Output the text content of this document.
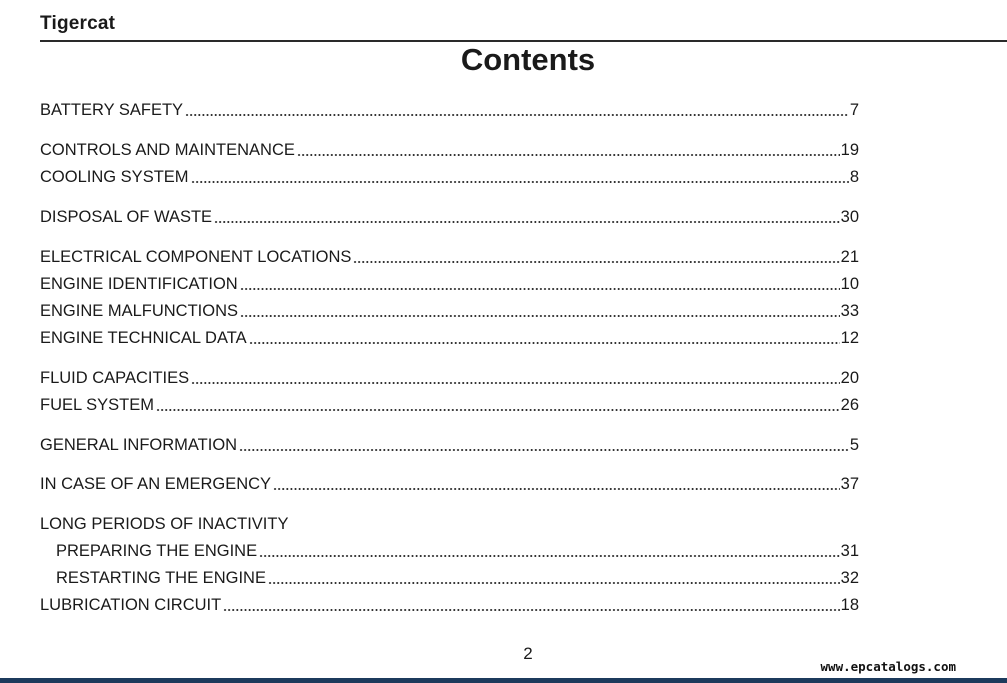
Tigercat
Contents
BATTERY SAFETY	7
CONTROLS AND MAINTENANCE	19
COOLING SYSTEM	8
DISPOSAL OF WASTE	30
ELECTRICAL COMPONENT LOCATIONS	21
ENGINE IDENTIFICATION	10
ENGINE MALFUNCTIONS	33
ENGINE TECHNICAL DATA	12
FLUID CAPACITIES	20
FUEL SYSTEM	26
GENERAL INFORMATION	5
IN CASE OF AN EMERGENCY	37
LONG PERIODS OF INACTIVITY
PREPARING THE ENGINE	31
RESTARTING THE ENGINE	32
LUBRICATION CIRCUIT	18
2
www.epcatalogs.com
